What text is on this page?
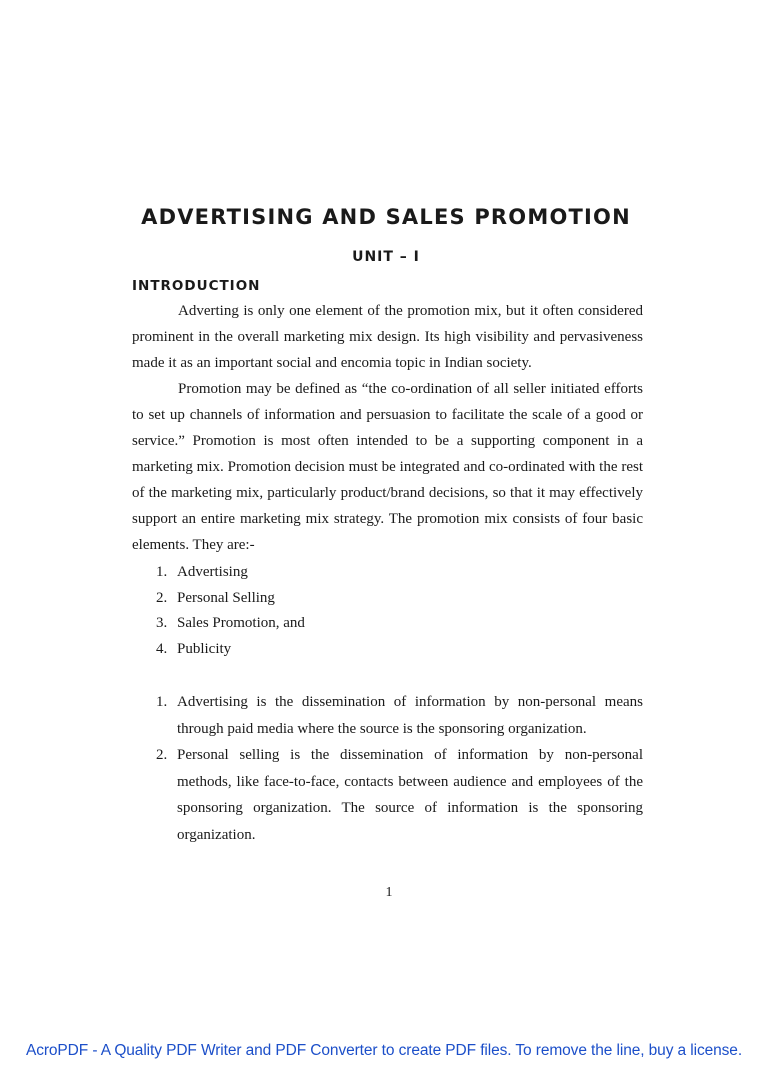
ADVERTISING AND SALES PROMOTION
UNIT – I
INTRODUCTION

Adverting is only one element of the promotion mix, but it often considered prominent in the overall marketing mix design. Its high visibility and pervasiveness made it as an important social and encomia topic in Indian society.

Promotion may be defined as “the co-ordination of all seller initiated efforts to set up channels of information and persuasion to facilitate the scale of a good or service.” Promotion is most often intended to be a supporting component in a marketing mix. Promotion decision must be integrated and co-ordinated with the rest of the marketing mix, particularly product/brand decisions, so that it may effectively support an entire marketing mix strategy. The promotion mix consists of four basic elements. They are:-

1. Advertising
2. Personal Selling
3. Sales Promotion, and
4. Publicity
1. Advertising is the dissemination of information by non-personal means through paid media where the source is the sponsoring organization.
2. Personal selling is the dissemination of information by non-personal methods, like face-to-face, contacts between audience and employees of the sponsoring organization. The source of information is the sponsoring organization.
1
AcroPDF - A Quality PDF Writer and PDF Converter to create PDF files. To remove the line, buy a license.
